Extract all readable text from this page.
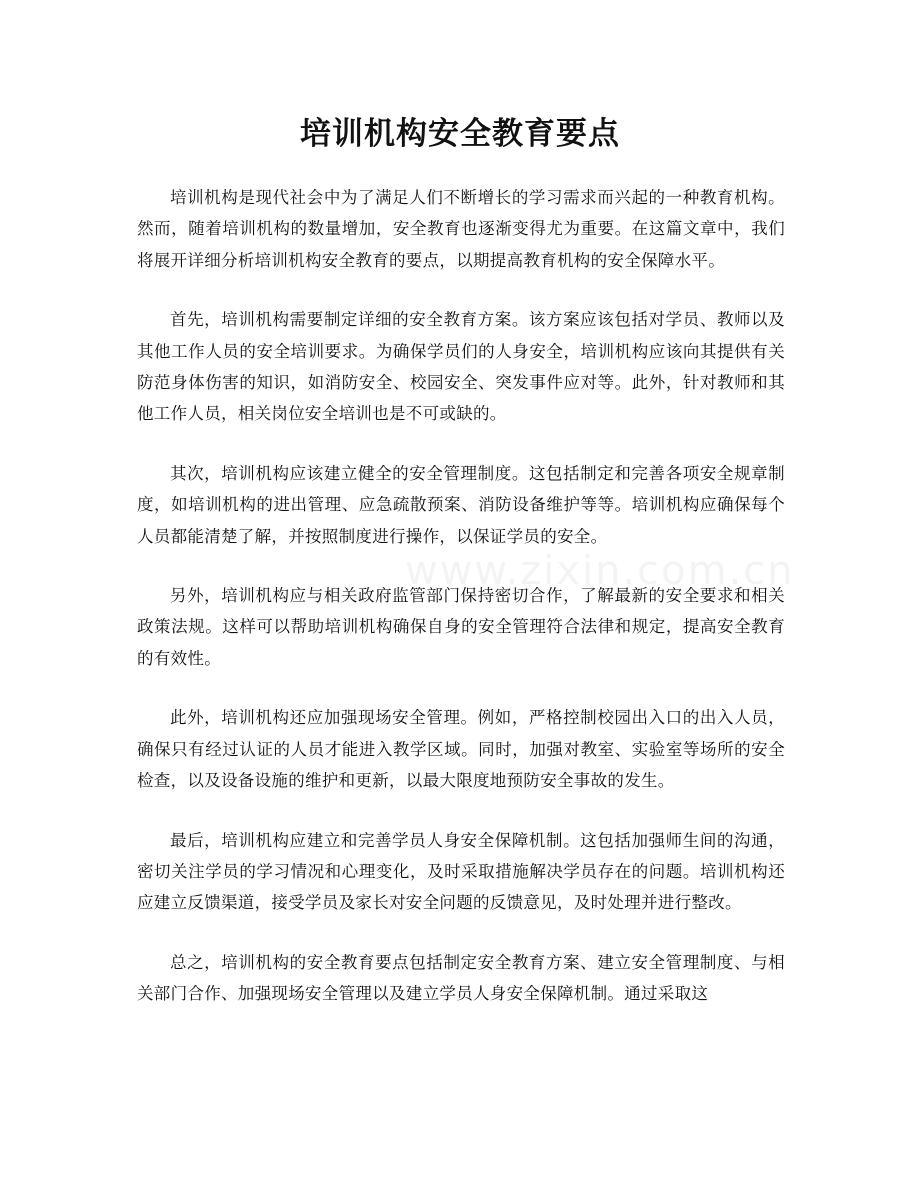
培训机构安全教育要点
www.zixin.com.cn

培训机构是现代社会中为了满足人们不断增长的学习需求而兴起的一种教育机构。然而，随着培训机构的数量增加，安全教育也逐渐变得尤为重要。在这篇文章中，我们将展开详细分析培训机构安全教育的要点，以期提高教育机构的安全保障水平。

首先，培训机构需要制定详细的安全教育方案。该方案应该包括对学员、教师以及其他工作人员的安全培训要求。为确保学员们的人身安全，培训机构应该向其提供有关防范身体伤害的知识，如消防安全、校园安全、突发事件应对等。此外，针对教师和其他工作人员，相关岗位安全培训也是不可或缺的。

其次，培训机构应该建立健全的安全管理制度。这包括制定和完善各项安全规章制度，如培训机构的进出管理、应急疏散预案、消防设备维护等等。培训机构应确保每个人员都能清楚了解，并按照制度进行操作，以保证学员的安全。

另外，培训机构应与相关政府监管部门保持密切合作，了解最新的安全要求和相关政策法规。这样可以帮助培训机构确保自身的安全管理符合法律和规定，提高安全教育的有效性。

此外，培训机构还应加强现场安全管理。例如，严格控制校园出入口的出入人员，确保只有经过认证的人员才能进入教学区域。同时，加强对教室、实验室等场所的安全检查，以及设备设施的维护和更新，以最大限度地预防安全事故的发生。

最后，培训机构应建立和完善学员人身安全保障机制。这包括加强师生间的沟通，密切关注学员的学习情况和心理变化，及时采取措施解决学员存在的问题。培训机构还应建立反馈渠道，接受学员及家长对安全问题的反馈意见，及时处理并进行整改。

总之，培训机构的安全教育要点包括制定安全教育方案、建立安全管理制度、与相关部门合作、加强现场安全管理以及建立学员人身安全保障机制。通过采取这
